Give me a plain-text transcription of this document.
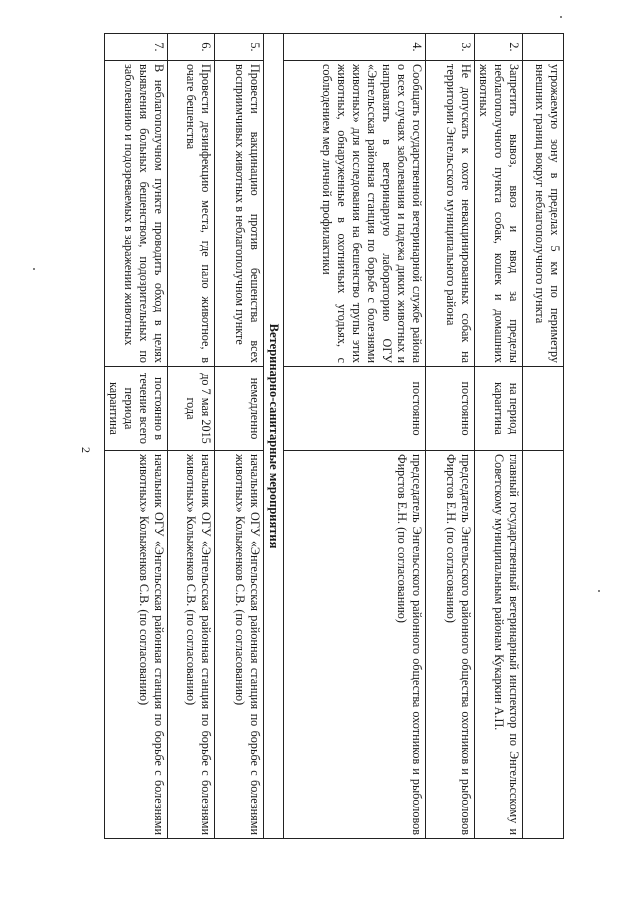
2
	угрожаемую зону в пределах 5 км по периметру внешних границ вокруг неблагополучного пункта		
2.	Запретить вывоз, ввоз и ввод за пределы неблагополучного пункта собак, кошек и домашних животных	на период карантина	главный государственный ветеринарный инспектор по Энгельсскому и Советскому муниципальным районам Кукаркин А.П.
3.	Не допускать к охоте невакцинированных собак на территории Энгельсского муниципального района	постоянно	председатель Энгельсского районного общества охотников и рыболовов Фирстов Е.Н. (по согласованию)
4.	Сообщать государственной ветеринарной службе района о всех случаях заболевания и падежа диких животных и направлять в ветеринарную лабораторию ОГУ «Энгельсская районная станция по борьбе с болезнями животных» для исследования на бешенство трупы этих животных, обнаруженные в охотничьих угодьях, с соблюдением мер личной профилактики	постоянно	председатель Энгельсского районного общества охотников и рыболовов Фирстов Е.Н. (по согласованию)
Ветеринарно-санитарные мероприятия			
5.	Провести вакцинацию против бешенства всех восприимчивых животных в неблагополучном пункте	немедленно	начальник ОГУ «Энгельсская районная станция по борьбе с болезнями животных» Колыженков С.В. (по согласованию)
6.	Провести дезинфекцию места, где пало животное, в очаге бешенства	до 7 мая 2015 года	начальник ОГУ «Энгельсская районная станция по борьбе с болезнями животных» Колыженков С.В. (по согласованию)
7.	В неблагополучном пункте проводить обход в целях выявления больных бешенством, подозрительных по заболеванию и подозреваемых в заражении животных	постоянно в течение всего периода карантина	начальник ОГУ «Энгельсская районная станция по борьбе с болезнями животных» Колыженков С.В. (по согласованию)
